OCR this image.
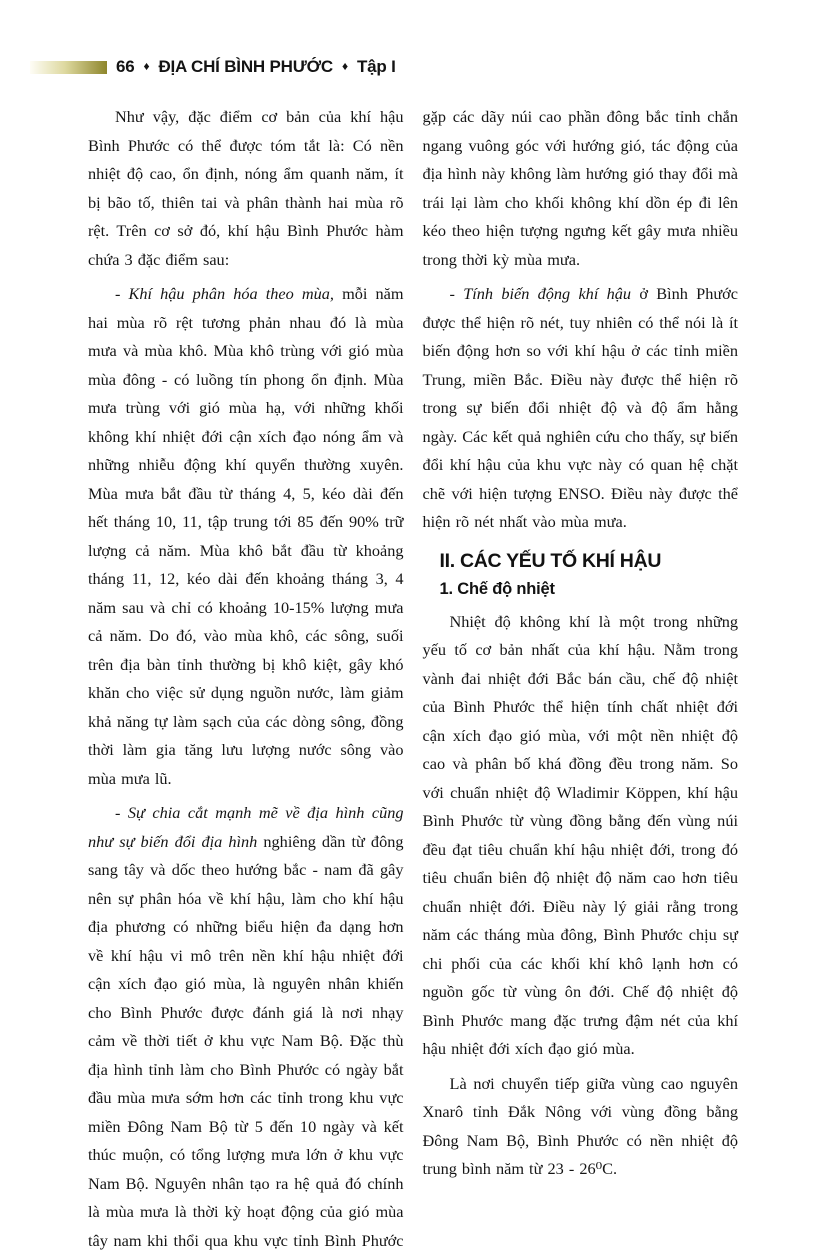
66 ♦ ĐỊA CHÍ BÌNH PHƯỚC ♦ Tập I

Như vậy, đặc điểm cơ bản của khí hậu Bình Phước có thể được tóm tắt là: Có nền nhiệt độ cao, ổn định, nóng ẩm quanh năm, ít bị bão tố, thiên tai và phân thành hai mùa rõ rệt. Trên cơ sở đó, khí hậu Bình Phước hàm chứa 3 đặc điểm sau:

- Khí hậu phân hóa theo mùa, mỗi năm hai mùa rõ rệt tương phản nhau đó là mùa mưa và mùa khô. Mùa khô trùng với gió mùa mùa đông - có luồng tín phong ổn định. Mùa mưa trùng với gió mùa hạ, với những khối không khí nhiệt đới cận xích đạo nóng ẩm và những nhiễu động khí quyển thường xuyên. Mùa mưa bắt đầu từ tháng 4, 5, kéo dài đến hết tháng 10, 11, tập trung tới 85 đến 90% trữ lượng cả năm. Mùa khô bắt đầu từ khoảng tháng 11, 12, kéo dài đến khoảng tháng 3, 4 năm sau và chỉ có khoảng 10-15% lượng mưa cả năm. Do đó, vào mùa khô, các sông, suối trên địa bàn tỉnh thường bị khô kiệt, gây khó khăn cho việc sử dụng nguồn nước, làm giảm khả năng tự làm sạch của các dòng sông, đồng thời làm gia tăng lưu lượng nước sông vào mùa mưa lũ.

- Sự chia cắt mạnh mẽ về địa hình cũng như sự biến đổi địa hình nghiêng dần từ đông sang tây và dốc theo hướng bắc - nam đã gây nên sự phân hóa về khí hậu, làm cho khí hậu địa phương có những biểu hiện đa dạng hơn về khí hậu vi mô trên nền khí hậu nhiệt đới cận xích đạo gió mùa, là nguyên nhân khiến cho Bình Phước được đánh giá là nơi nhạy cảm về thời tiết ở khu vực Nam Bộ. Đặc thù địa hình tỉnh làm cho Bình Phước có ngày bắt đầu mùa mưa sớm hơn các tỉnh trong khu vực miền Đông Nam Bộ từ 5 đến 10 ngày và kết thúc muộn, có tổng lượng mưa lớn ở khu vực Nam Bộ. Nguyên nhân tạo ra hệ quả đó chính là mùa mưa là thời kỳ hoạt động của gió mùa tây nam khi thổi qua khu vực tỉnh Bình Phước

gặp các dãy núi cao phần đông bắc tỉnh chắn ngang vuông góc với hướng gió, tác động của địa hình này không làm hướng gió thay đổi mà trái lại làm cho khối không khí dồn ép đi lên kéo theo hiện tượng ngưng kết gây mưa nhiều trong thời kỳ mùa mưa.

- Tính biến động khí hậu ở Bình Phước được thể hiện rõ nét, tuy nhiên có thể nói là ít biến động hơn so với khí hậu ở các tỉnh miền Trung, miền Bắc. Điều này được thể hiện rõ trong sự biến đổi nhiệt độ và độ ẩm hằng ngày. Các kết quả nghiên cứu cho thấy, sự biến đổi khí hậu của khu vực này có quan hệ chặt chẽ với hiện tượng ENSO. Điều này được thể hiện rõ nét nhất vào mùa mưa.

II. CÁC YẾU TỐ KHÍ HẬU
1. Chế độ nhiệt

Nhiệt độ không khí là một trong những yếu tố cơ bản nhất của khí hậu. Nằm trong vành đai nhiệt đới Bắc bán cầu, chế độ nhiệt của Bình Phước thể hiện tính chất nhiệt đới cận xích đạo gió mùa, với một nền nhiệt độ cao và phân bố khá đồng đều trong năm. So với chuẩn nhiệt độ Wladimir Köppen, khí hậu Bình Phước từ vùng đồng bằng đến vùng núi đều đạt tiêu chuẩn khí hậu nhiệt đới, trong đó tiêu chuẩn biên độ nhiệt độ năm cao hơn tiêu chuẩn nhiệt đới. Điều này lý giải rằng trong năm các tháng mùa đông, Bình Phước chịu sự chi phối của các khối khí khô lạnh hơn có nguồn gốc từ vùng ôn đới. Chế độ nhiệt độ Bình Phước mang đặc trưng đậm nét của khí hậu nhiệt đới xích đạo gió mùa.

Là nơi chuyển tiếp giữa vùng cao nguyên Xnarô tỉnh Đắk Nông với vùng đồng bằng Đông Nam Bộ, Bình Phước có nền nhiệt độ trung bình năm từ 23 - 26⁰C.
